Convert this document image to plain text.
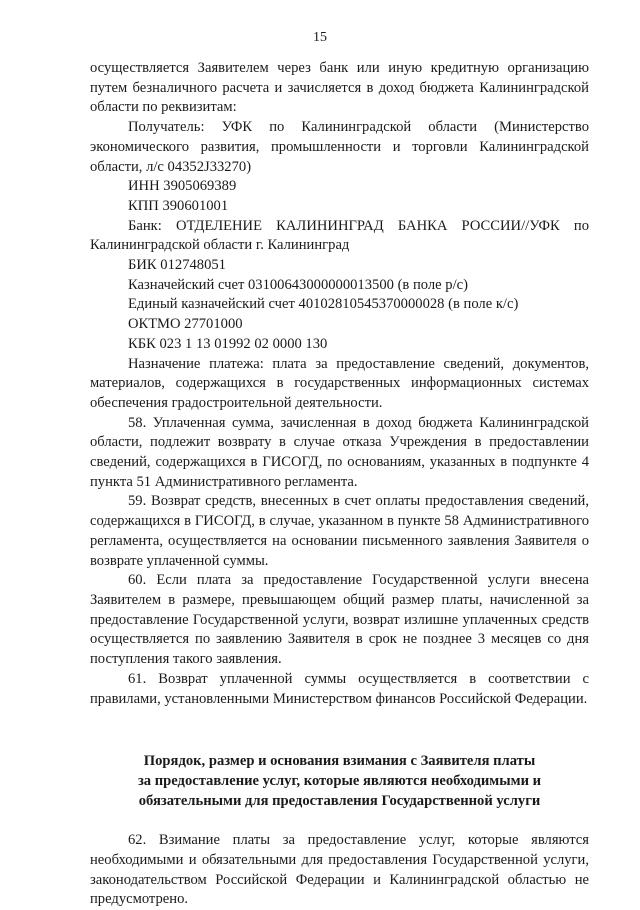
15

осуществляется Заявителем через банк или иную кредитную организацию путем безналичного расчета и зачисляется в доход бюджета Калининградской области по реквизитам:

Получатель: УФК по Калининградской области (Министерство экономического развития, промышленности и торговли Калининградской области, л/с 04352J33270)

ИНН 3905069389

КПП 390601001

Банк: ОТДЕЛЕНИЕ КАЛИНИНГРАД БАНКА РОССИИ//УФК по Калининградской области г. Калининград

БИК 012748051

Казначейский счет 03100643000000013500 (в поле р/с)

Единый казначейский счет 40102810545370000028 (в поле к/с)

ОКТМО 27701000

КБК 023 1 13 01992 02 0000 130

Назначение платежа: плата за предоставление сведений, документов, материалов, содержащихся в государственных информационных системах обеспечения градостроительной деятельности.

58. Уплаченная сумма, зачисленная в доход бюджета Калининградской области, подлежит возврату в случае отказа Учреждения в предоставлении сведений, содержащихся в ГИСОГД, по основаниям, указанных в подпункте 4 пункта 51 Административного регламента.

59. Возврат средств, внесенных в счет оплаты предоставления сведений, содержащихся в ГИСОГД, в случае, указанном в пункте 58 Административного регламента, осуществляется на основании письменного заявления Заявителя о возврате уплаченной суммы.

60. Если плата за предоставление Государственной услуги внесена Заявителем в размере, превышающем общий размер платы, начисленной за предоставление Государственной услуги, возврат излишне уплаченных средств осуществляется по заявлению Заявителя в срок не позднее 3 месяцев со дня поступления такого заявления.

61. Возврат уплаченной суммы осуществляется в соответствии с правилами, установленными Министерством финансов Российской Федерации.

Порядок, размер и основания взимания с Заявителя платы
за предоставление услуг, которые являются необходимыми и
обязательными для предоставления Государственной услуги

62. Взимание платы за предоставление услуг, которые являются необходимыми и обязательными для предоставления Государственной услуги, законодательством Российской Федерации и Калининградской областью не предусмотрено.
